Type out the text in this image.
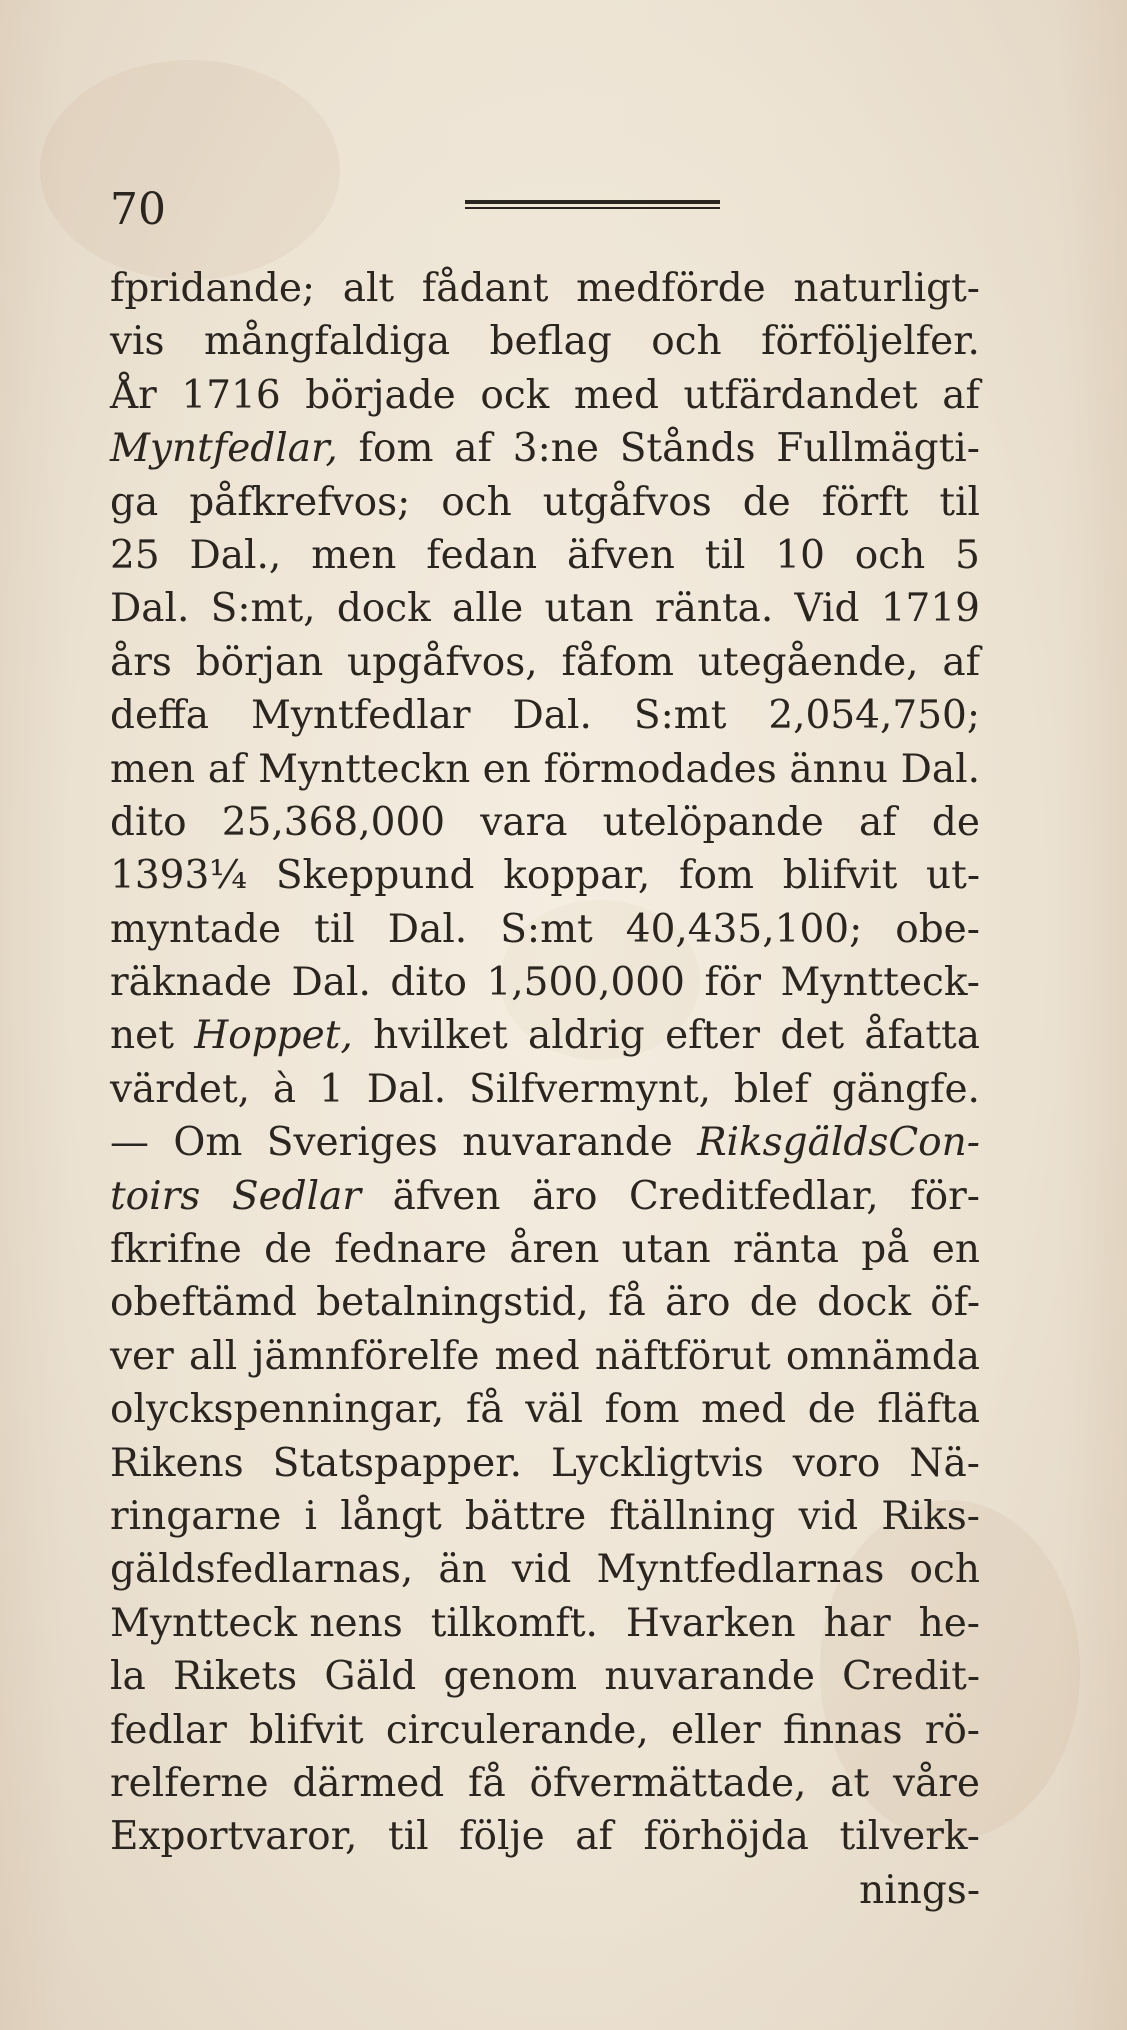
70
fpridande; alt fådant medförde naturligt-
vis mångfaldiga beflag och förföljelfer.
År 1716 började ock med utfärdandet af
Myntfedlar, fom af 3:ne Stånds Fullmägti-
ga påfkrefvos; och utgåfvos de förft til
25 Dal., men fedan äfven til 10 och 5
Dal. S:mt, dock alle utan ränta. Vid 1719
års början upgåfvos, fåfom utegående, af
deffa Myntfedlar Dal. S:mt 2,054,750;
men af Myntteckn en förmodades ännu Dal.
dito 25,368,000 vara utelöpande af de
1393¼ Skeppund koppar, fom blifvit ut-
myntade til Dal. S:mt 40,435,100; obe-
räknade Dal. dito 1,500,000 för Myntteck-
net Hoppet, hvilket aldrig efter det åfatta
värdet, à 1 Dal. Silfvermynt, blef gängfe.
— Om Sveriges nuvarande RiksgäldsCon-
toirs Sedlar äfven äro Creditfedlar, för-
fkrifne de fednare åren utan ränta på en
obeftämd betalningstid, få äro de dock öf-
ver all jämnförelfe med näftförut omnämda
olyckspenningar, få väl fom med de fläfta
Rikens Statspapper. Lyckligtvis voro Nä-
ringarne i långt bättre ftällning vid Riks-
gäldsfedlarnas, än vid Myntfedlarnas och
Myntteck nens tilkomft. Hvarken har he-
la Rikets Gäld genom nuvarande Credit-
fedlar blifvit circulerande, eller finnas rö-
relferne därmed få öfvermättade, at våre
Exportvaror, til följe af förhöjda tilverk-
nings-
